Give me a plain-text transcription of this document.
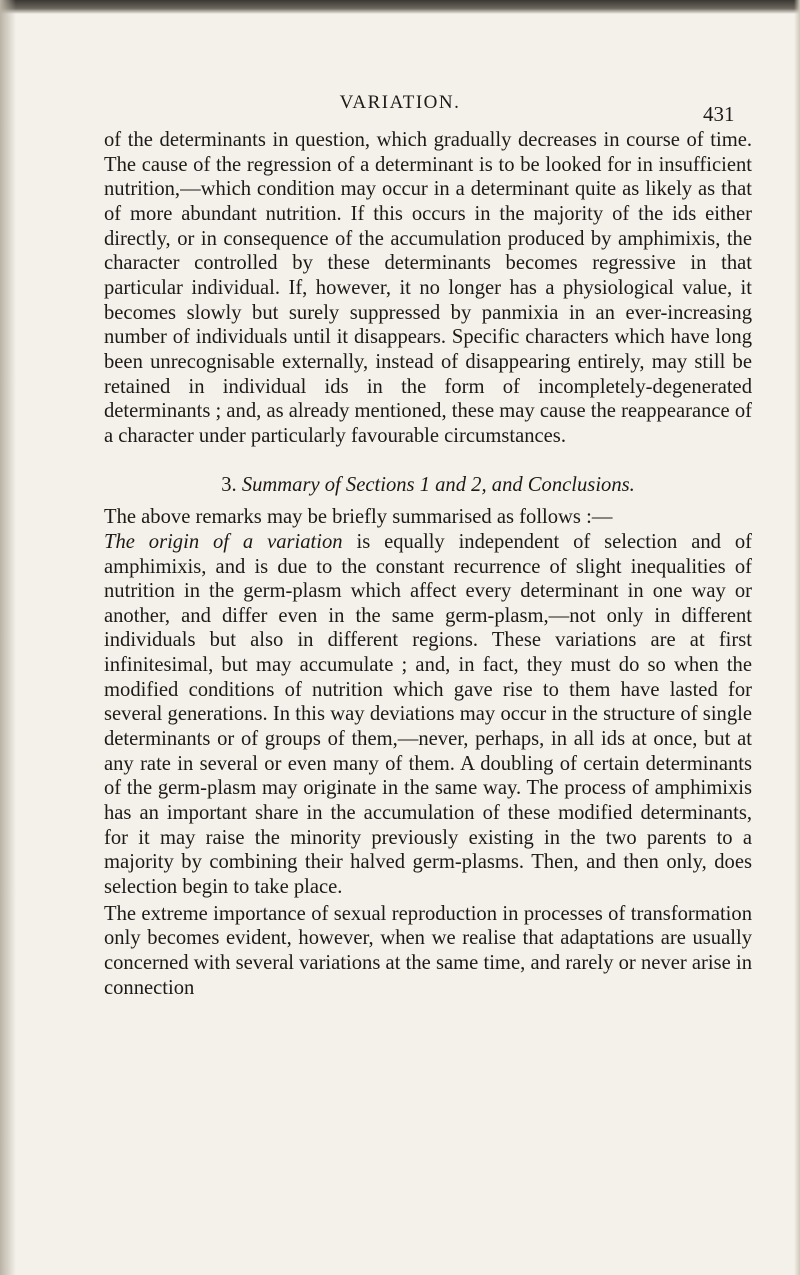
VARIATION.	431

of the determinants in question, which gradually decreases in course of time. The cause of the regression of a determinant is to be looked for in insufficient nutrition,—which condition may occur in a determinant quite as likely as that of more abundant nutrition. If this occurs in the majority of the ids either directly, or in consequence of the accumulation produced by amphimixis, the character controlled by these determinants becomes regressive in that particular individual. If, however, it no longer has a physiological value, it becomes slowly but surely suppressed by panmixia in an ever-increasing number of individuals until it disappears. Specific characters which have long been unrecognisable externally, instead of disappearing entirely, may still be retained in individual ids in the form of incompletely-degenerated determinants ; and, as already mentioned, these may cause the reappearance of a character under particularly favourable circumstances.

3. Summary of Sections 1 and 2, and Conclusions.

The above remarks may be briefly summarised as follows :—

The origin of a variation is equally independent of selection and of amphimixis, and is due to the constant recurrence of slight inequalities of nutrition in the germ-plasm which affect every determinant in one way or another, and differ even in the same germ-plasm,—not only in different individuals but also in different regions. These variations are at first infinitesimal, but may accumulate ; and, in fact, they must do so when the modified conditions of nutrition which gave rise to them have lasted for several generations. In this way deviations may occur in the structure of single determinants or of groups of them,—never, perhaps, in all ids at once, but at any rate in several or even many of them. A doubling of certain determinants of the germ-plasm may originate in the same way. The process of amphimixis has an important share in the accumulation of these modified determinants, for it may raise the minority previously existing in the two parents to a majority by combining their halved germ-plasms. Then, and then only, does selection begin to take place.

The extreme importance of sexual reproduction in processes of transformation only becomes evident, however, when we realise that adaptations are usually concerned with several variations at the same time, and rarely or never arise in connection
